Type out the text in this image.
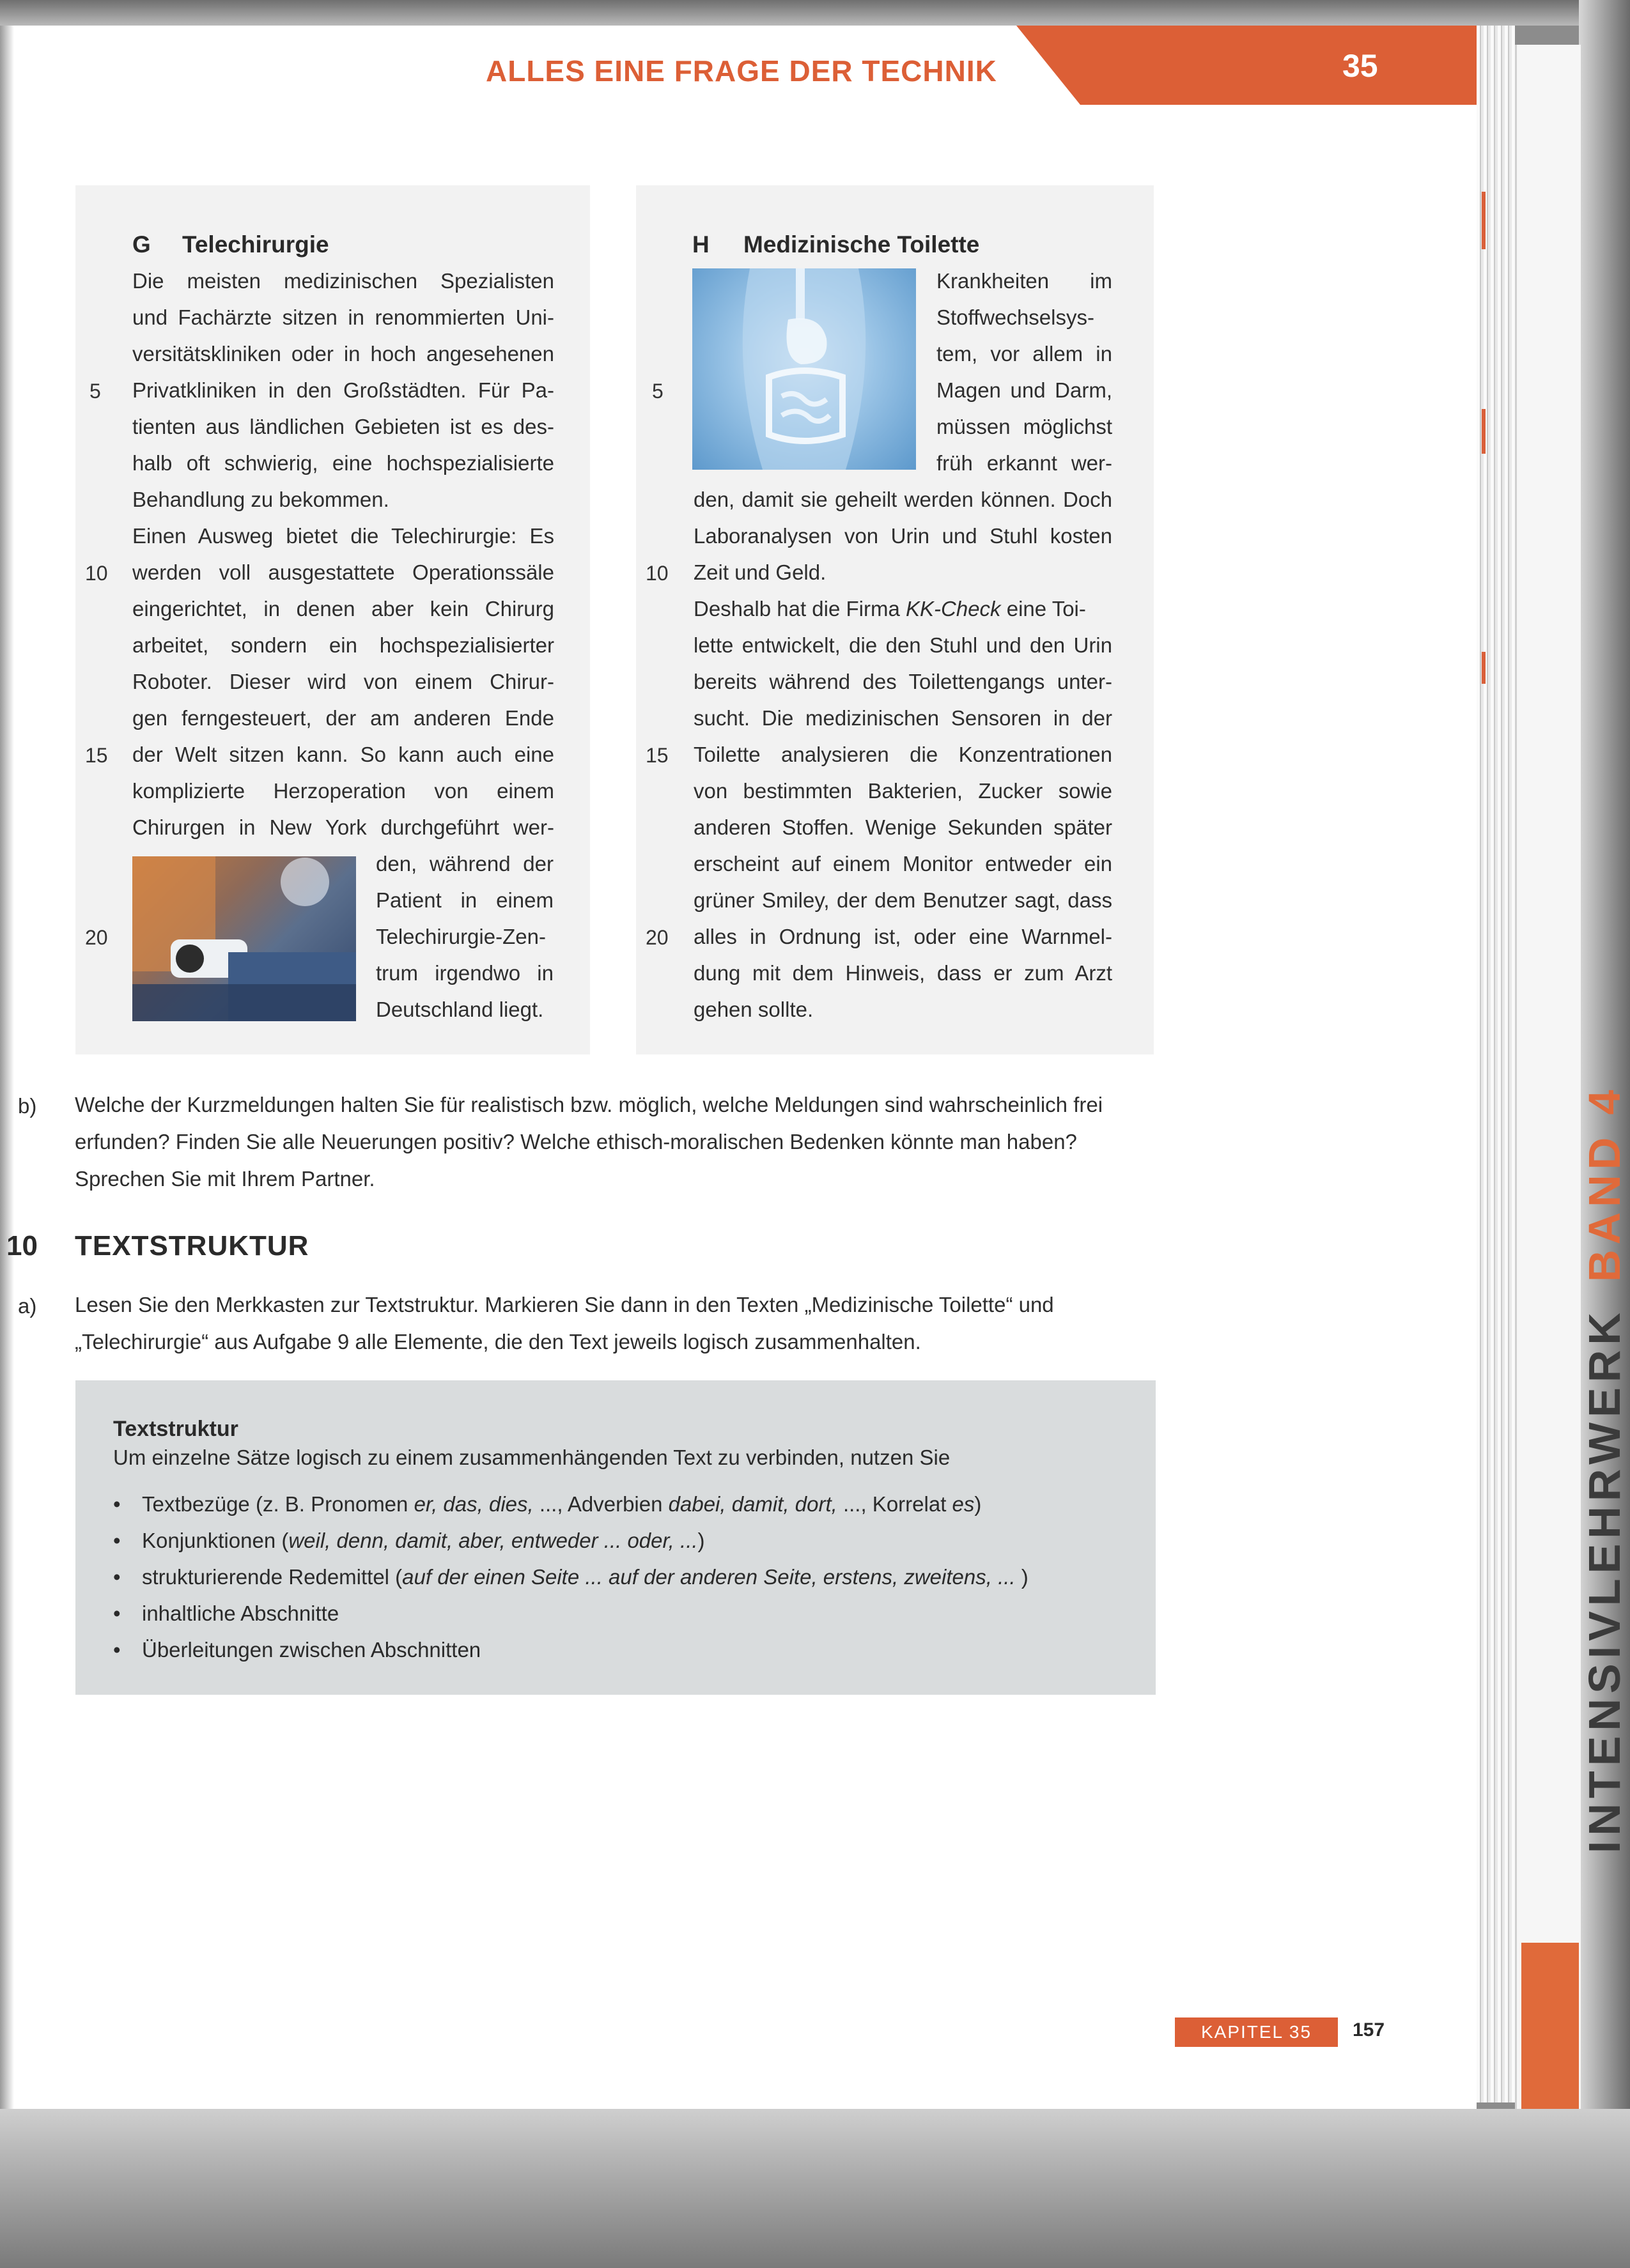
INTENSIVLEHRWERKBAND 4
ALLES EINE FRAGE DER TECHNIK	35
G Telechirurgie
Die meisten medizinischen Spezialisten
und Fachärzte sitzen in renommierten Uni-
versitätskliniken oder in hoch angesehenen
Privatkliniken in den Großstädten. Für Pa-
tienten aus ländlichen Gebieten ist es des-
halb oft schwierig, eine hochspezialisierte
Behandlung zu bekommen.
Einen Ausweg bietet die Telechirurgie: Es
werden voll ausgestattete Operationssäle
eingerichtet, in denen aber kein Chirurg
arbeitet, sondern ein hochspezialisierter
Roboter. Dieser wird von einem Chirur-
gen ferngesteuert, der am anderen Ende
der Welt sitzen kann. So kann auch eine
komplizierte Herzoperation von einem
Chirurgen in New York durchgeführt wer-
den, während der
Patient in einem
Telechirurgie-Zen-
trum irgendwo in
Deutschland liegt.
5
10
15
20
H Medizinische Toilette
Krankheiten im
Stoffwechselsys-
tem, vor allem in
Magen und Darm,
müssen möglichst
früh erkannt wer-
den, damit sie geheilt werden können. Doch
Laboranalysen von Urin und Stuhl kosten
Zeit und Geld.
Deshalb hat die Firma KK-Check eine Toi-
lette entwickelt, die den Stuhl und den Urin
bereits während des Toilettengangs unter-
sucht. Die medizinischen Sensoren in der
Toilette analysieren die Konzentrationen
von bestimmten Bakterien, Zucker sowie
anderen Stoffen. Wenige Sekunden später
erscheint auf einem Monitor entweder ein
grüner Smiley, der dem Benutzer sagt, dass
alles in Ordnung ist, oder eine Warnmel-
dung mit dem Hinweis, dass er zum Arzt
gehen sollte.
5
10
15
20
b) Welche der Kurzmeldungen halten Sie für realistisch bzw. möglich, welche Meldungen sind wahrscheinlich frei
erfunden? Finden Sie alle Neuerungen positiv? Welche ethisch-moralischen Bedenken könnte man haben?
Sprechen Sie mit Ihrem Partner.
10 TEXTSTRUKTUR
a) Lesen Sie den Merkkasten zur Textstruktur. Markieren Sie dann in den Texten „Medizinische Toilette“ und
„Telechirurgie“ aus Aufgabe 9 alle Elemente, die den Text jeweils logisch zusammenhalten.
Textstruktur
Um einzelne Sätze logisch zu einem zusammenhängenden Text zu verbinden, nutzen Sie
• Textbezüge (z. B. Pronomen er, das, dies, ..., Adverbien dabei, damit, dort, ..., Korrelat es)
• Konjunktionen (weil, denn, damit, aber, entweder ... oder, ...)
• strukturierende Redemittel (auf der einen Seite ... auf der anderen Seite, erstens, zweitens, ... )
• inhaltliche Abschnitte
• Überleitungen zwischen Abschnitten
KAPITEL 35	157
